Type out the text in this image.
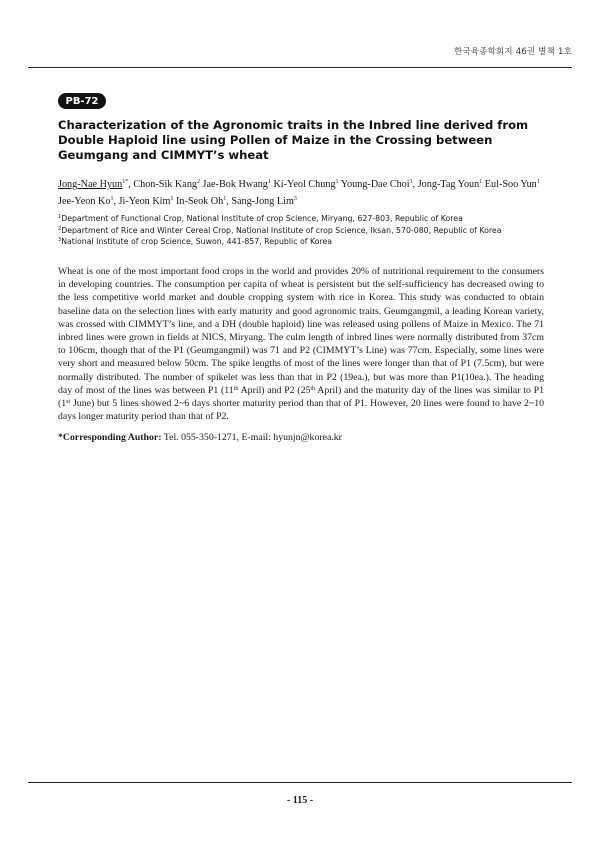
한국육종학회지 46권 별책 1호
PB-72
Characterization of the Agronomic traits in the Inbred line derived from Double Haploid line using Pollen of Maize in the Crossing between Geumgang and CIMMYT’s wheat

Jong-Nae Hyun$^{1*}$, Chon-Sik Kang$^2$ Jae-Bok Hwang$^1$ Ki-Yeol Chung$^1$ Young-Dae Choi$^1$, Jong-Tag Youn$^1$ Eul-Soo Yun$^1$ Jee-Yeon Ko$^1$, Ji-Yeon Kim$^1$ In-Seok Oh$^1$, Sang-Jong Lim$^3$

$^1$Department of Functional Crop, National Institute of crop Science, Miryang, 627-803, Republic of Korea
$^2$Department of Rice and Winter Cereal Crop, National Institute of crop Science, Iksan, 570-080, Republic of Korea
$^3$National Institute of crop Science, Suwon, 441-857, Republic of Korea

Wheat is one of the most important food crops in the world and provides 20% of nutritional requirement to the consumers in developing countries. The consumption per capita of wheat is persistent but the self-sufficiency has decreased owing to the less competitive world market and double cropping system with rice in Korea. This study was conducted to obtain baseline data on the selection lines with early maturity and good agronomic traits. Geumgangmil, a leading Korean variety, was crossed with CIMMYT’s line, and a DH (double haploid) line was released using pollens of Maize in Mexico. The 71 inbred lines were grown in fields at NICS, Miryang. The culm length of inbred lines were normally distributed from 37cm to 106cm, though that of the P1 (Geumgangmil) was 71 and P2 (CIMMYT’s Line) was 77cm. Especially, some lines were very short and measured below 50cm. The spike lengths of most of the lines were longer than that of P1 (7.5cm), but were normally distributed. The number of spikelet was less than that in P2 (19ea.), but was more than P1(10ea.). The heading day of most of the lines was between P1 (11th April) and P2 (25th April) and the maturity day of the lines was similar to P1 (1st June) but 5 lines showed 2~6 days shorter maturity period than that of P1. However, 20 lines were found to have 2~10 days longer maturity period than that of P2.

*Corresponding Author: Tel. 055-350-1271, E-mail: hyunjn@korea.kr

- 115 -
